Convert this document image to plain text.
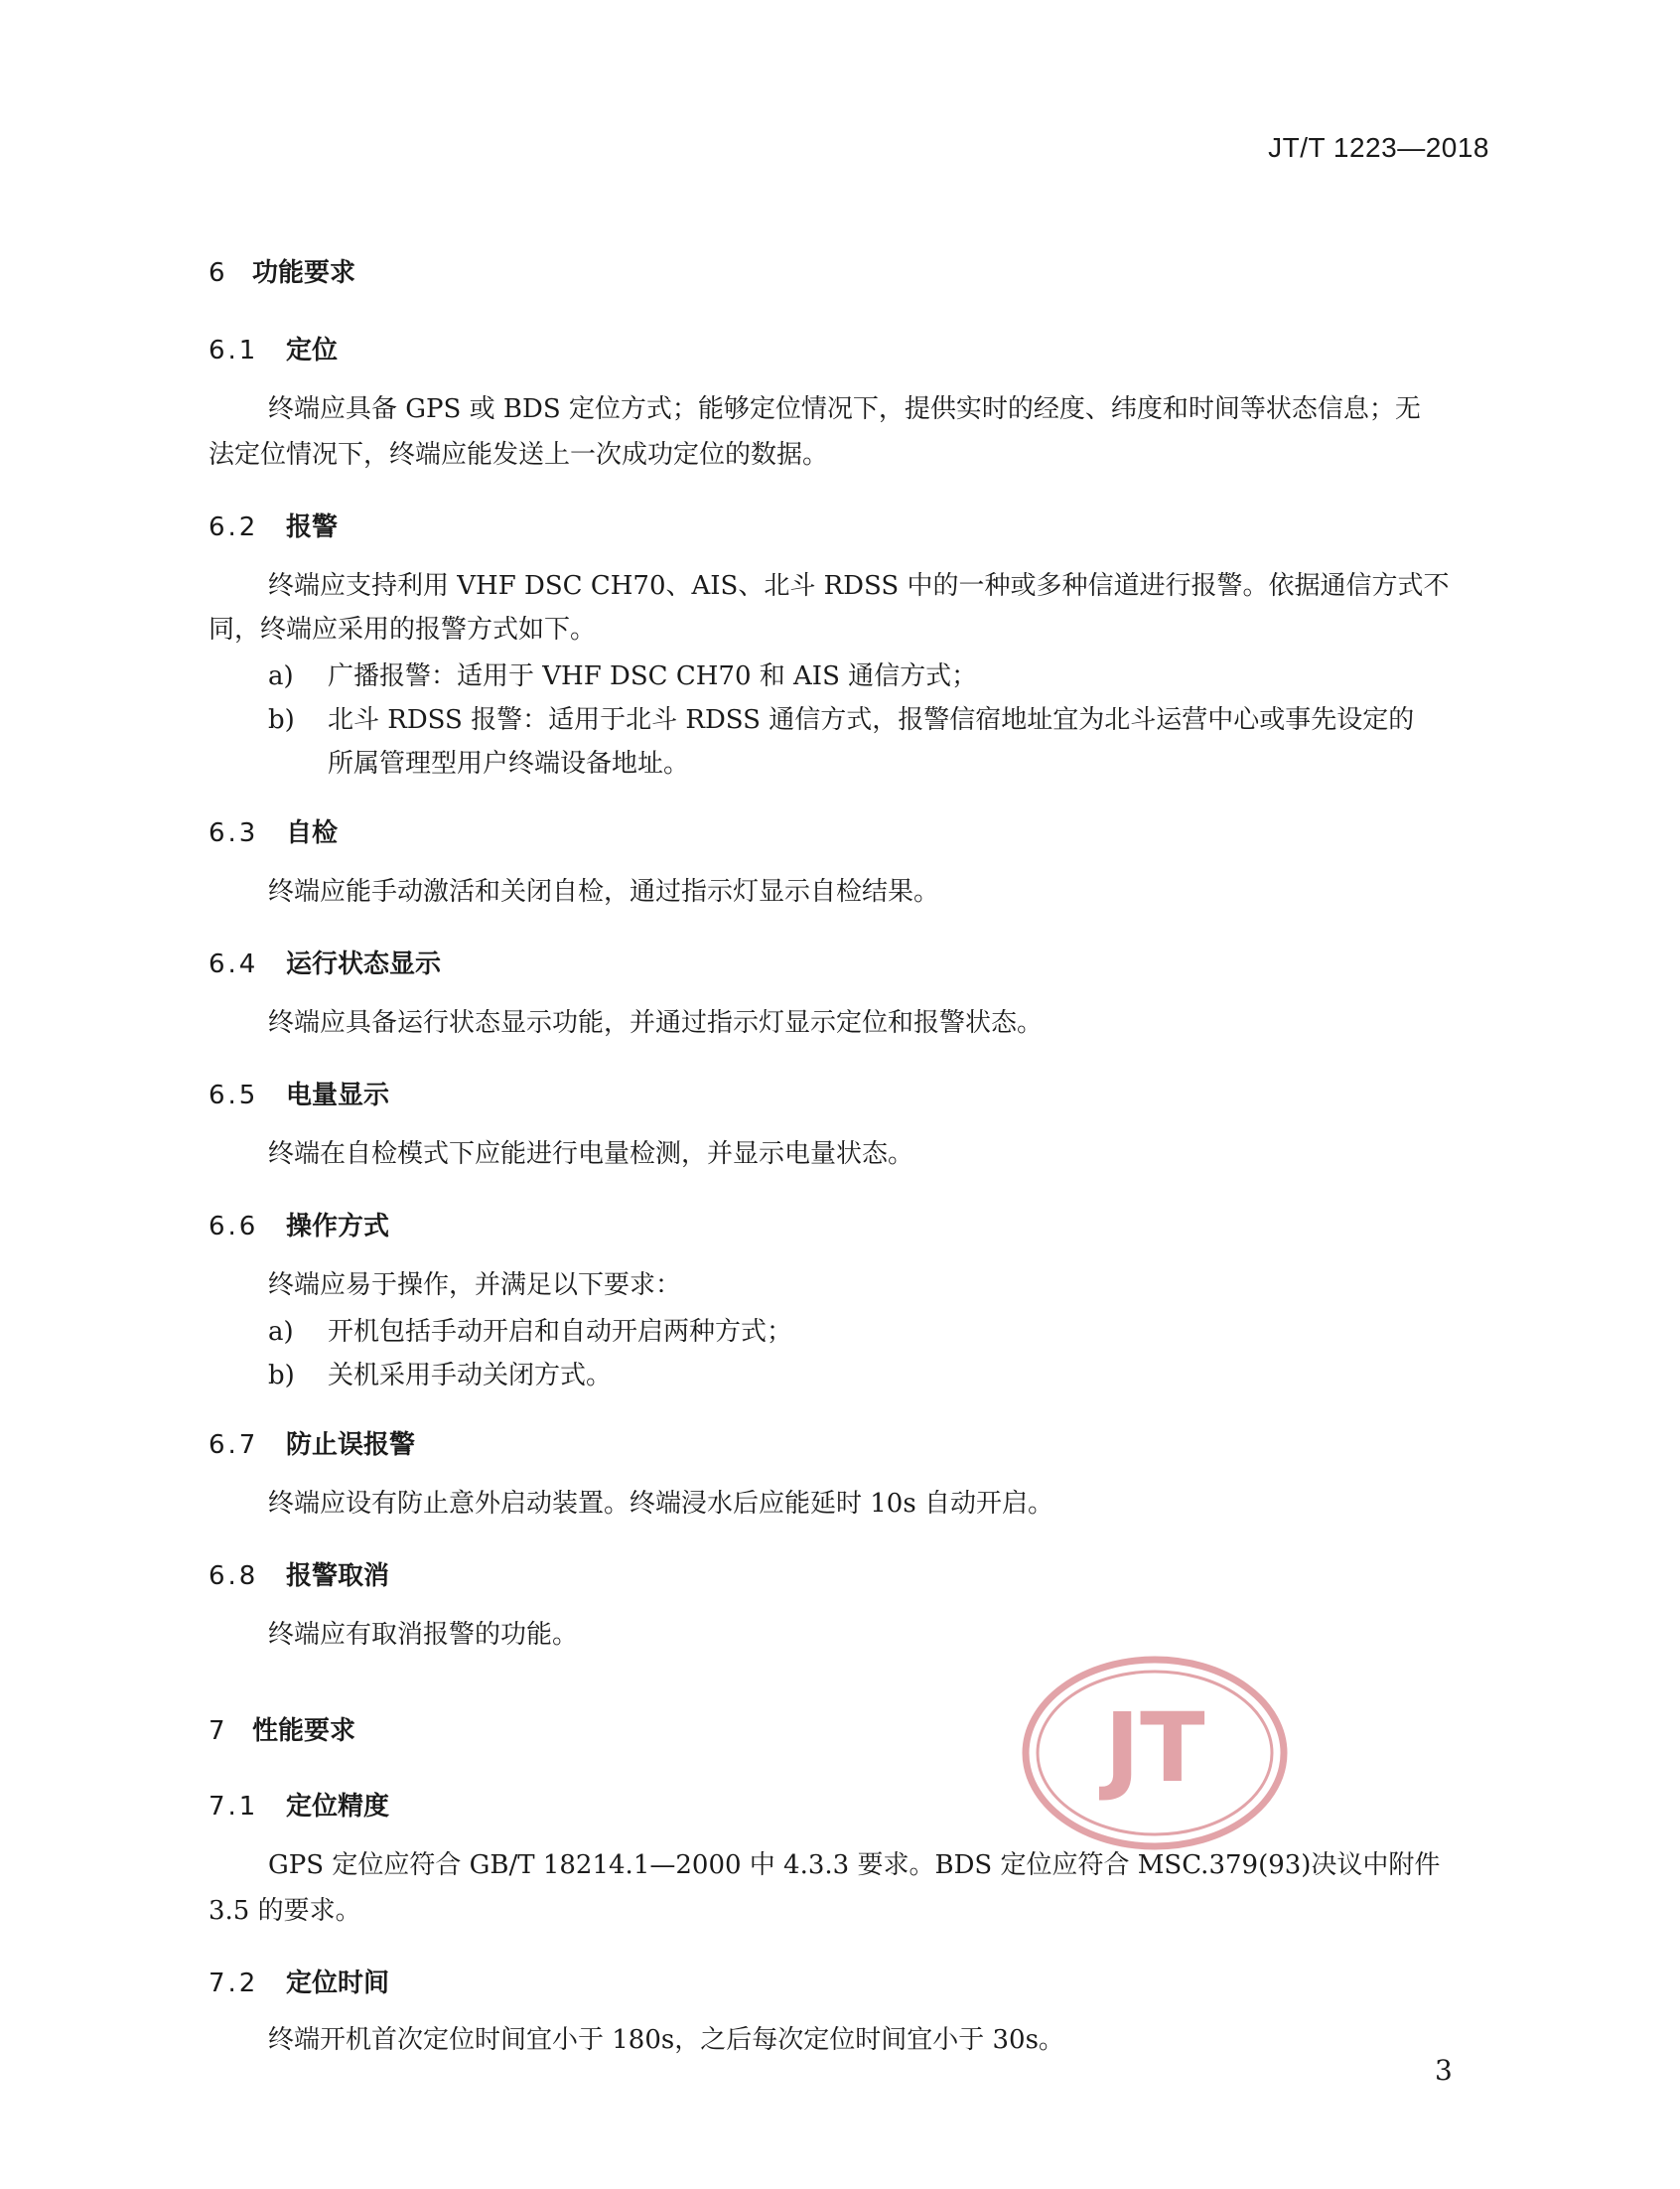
JT/T 1223—2018
6 功能要求
6.1 定位
终端应具备 GPS 或 BDS 定位方式；能够定位情况下，提供实时的经度、纬度和时间等状态信息；无
法定位情况下，终端应能发送上一次成功定位的数据。
6.2 报警
终端应支持利用 VHF DSC CH70、AIS、北斗 RDSS 中的一种或多种信道进行报警。依据通信方式不
同，终端应采用的报警方式如下。
a) 广播报警：适用于 VHF DSC CH70 和 AIS 通信方式；
b) 北斗 RDSS 报警：适用于北斗 RDSS 通信方式，报警信宿地址宜为北斗运营中心或事先设定的
所属管理型用户终端设备地址。
6.3 自检
终端应能手动激活和关闭自检，通过指示灯显示自检结果。
6.4 运行状态显示
终端应具备运行状态显示功能，并通过指示灯显示定位和报警状态。
6.5 电量显示
终端在自检模式下应能进行电量检测，并显示电量状态。
6.6 操作方式
终端应易于操作，并满足以下要求：
a) 开机包括手动开启和自动开启两种方式；
b) 关机采用手动关闭方式。
6.7 防止误报警
终端应设有防止意外启动装置。终端浸水后应能延时 10s 自动开启。
6.8 报警取消
终端应有取消报警的功能。
JT
7 性能要求
7.1 定位精度
GPS 定位应符合 GB/T 18214.1—2000 中 4.3.3 要求。BDS 定位应符合 MSC.379(93)决议中附件
3.5 的要求。
7.2 定位时间
终端开机首次定位时间宜小于 180s，之后每次定位时间宜小于 30s。
3
